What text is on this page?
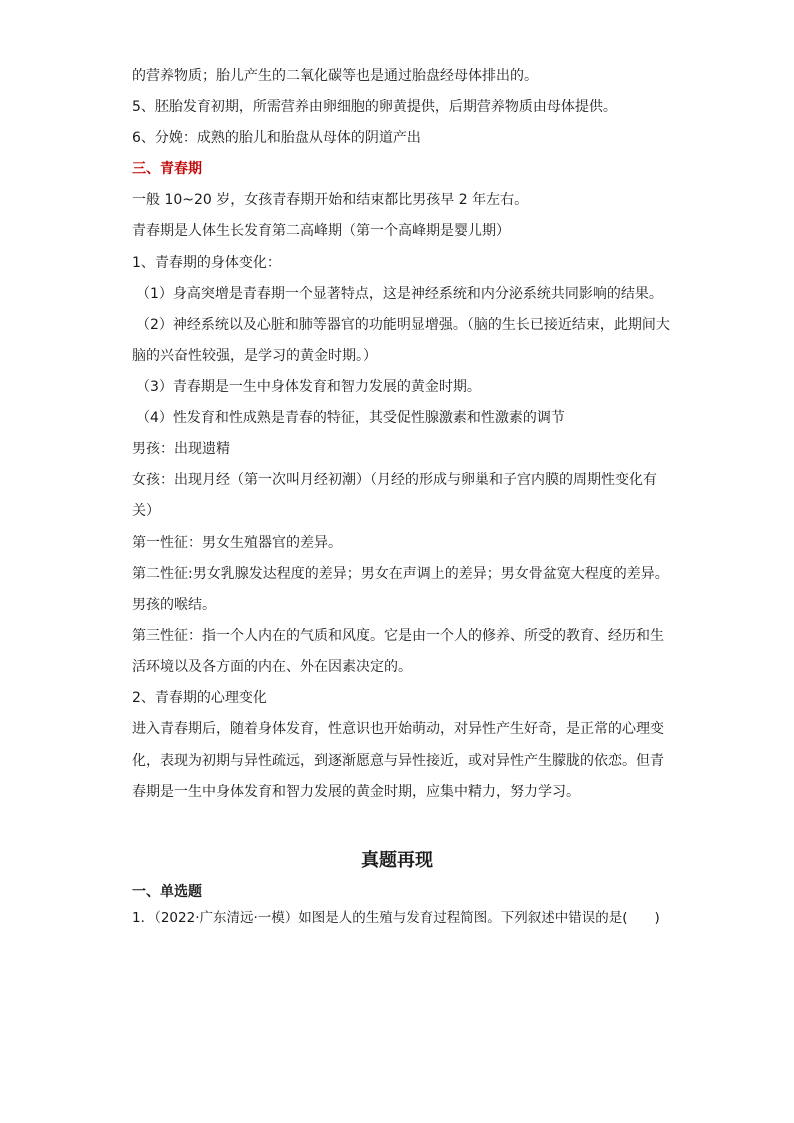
的营养物质；胎儿产生的二氧化碳等也是通过胎盘经母体排出的。
5、胚胎发育初期，所需营养由卵细胞的卵黄提供，后期营养物质由母体提供。
6、分娩：成熟的胎儿和胎盘从母体的阴道产出
三、青春期
一般 10~20 岁，女孩青春期开始和结束都比男孩早 2 年左右。
青春期是人体生长发育第二高峰期（第一个高峰期是婴儿期）
1、青春期的身体变化：
（1）身高突增是青春期一个显著特点，这是神经系统和内分泌系统共同影响的结果。
（2）神经系统以及心脏和肺等器官的功能明显增强。（脑的生长已接近结束，此期间大
脑的兴奋性较强，是学习的黄金时期。）
（3）青春期是一生中身体发育和智力发展的黄金时期。
（4）性发育和性成熟是青春的特征，其受促性腺激素和性激素的调节
男孩：出现遗精
女孩：出现月经（第一次叫月经初潮）（月经的形成与卵巢和子宫内膜的周期性变化有
关）
第一性征：男女生殖器官的差异。
第二性征:男女乳腺发达程度的差异；男女在声调上的差异；男女骨盆宽大程度的差异。
男孩的喉结。
第三性征：指一个人内在的气质和风度。它是由一个人的修养、所受的教育、经历和生
活环境以及各方面的内在、外在因素决定的。
2、青春期的心理变化
进入青春期后，随着身体发育，性意识也开始萌动，对异性产生好奇，是正常的心理变
化，表现为初期与异性疏远，到逐渐愿意与异性接近，或对异性产生朦胧的依恋。但青
春期是一生中身体发育和智力发展的黄金时期，应集中精力，努力学习。
真题再现
一、单选题
1．（2022·广东清远·一模）如图是人的生殖与发育过程简图。下列叙述中错误的是(　　)
